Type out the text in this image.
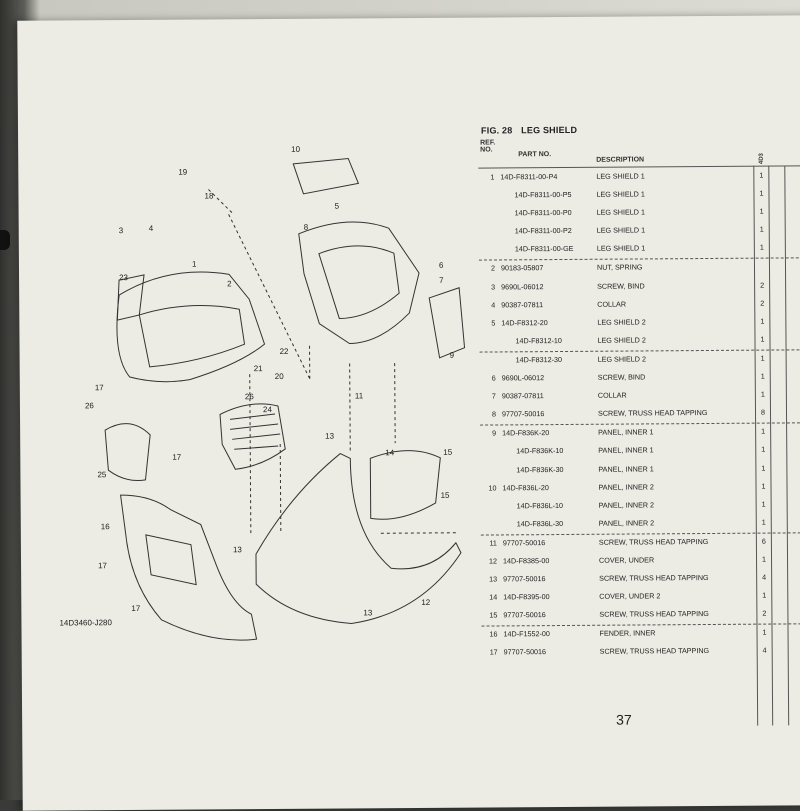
10
5
19
18
23
1
2
22
21
20
17
26
26
24
17
25
6
7
9
11
13
14	15
15
16
17
13
12
13
17
8
3	4
14D3460-J280
FIG. 28 LEG SHIELD
REF. NO.
PART NO.
DESCRIPTION	4D3
1 14D-F8311-00-P4	LEG SHIELD 1	1
14D-F8311-00-P5	LEG SHIELD 1	1
14D-F8311-00-P0	LEG SHIELD 1	1
14D-F8311-00-P2	LEG SHIELD 1	1
14D-F8311-00-GE	LEG SHIELD 1	1
2 90183-05807	NUT, SPRING
3 9690L-06012	SCREW, BIND	2
4 90387-07811	COLLAR	2
5 14D-F8312-20	LEG SHIELD 2	1
14D-F8312-10	LEG SHIELD 2	1
14D-F8312-30	LEG SHIELD 2	1
6 9690L-06012	SCREW, BIND	1
7 90387-07811	COLLAR	1
8 97707-50016	SCREW, TRUSS HEAD TAPPING	8
9 14D-F836K-20	PANEL, INNER 1	1
14D-F836K-10	PANEL, INNER 1	1
14D-F836K-30	PANEL, INNER 1	1
10 14D-F836L-20	PANEL, INNER 2	1
14D-F836L-10	PANEL, INNER 2	1
14D-F836L-30	PANEL, INNER 2	1
11 97707-50016	SCREW, TRUSS HEAD TAPPING	6
12 14D-F8385-00	COVER, UNDER	1
13 97707-50016	SCREW, TRUSS HEAD TAPPING	4
14 14D-F8395-00	COVER, UNDER 2	1
15 97707-50016	SCREW, TRUSS HEAD TAPPING	2
16 14D-F1552-00	FENDER, INNER	1
17 97707-50016	SCREW, TRUSS HEAD TAPPING	4
37
